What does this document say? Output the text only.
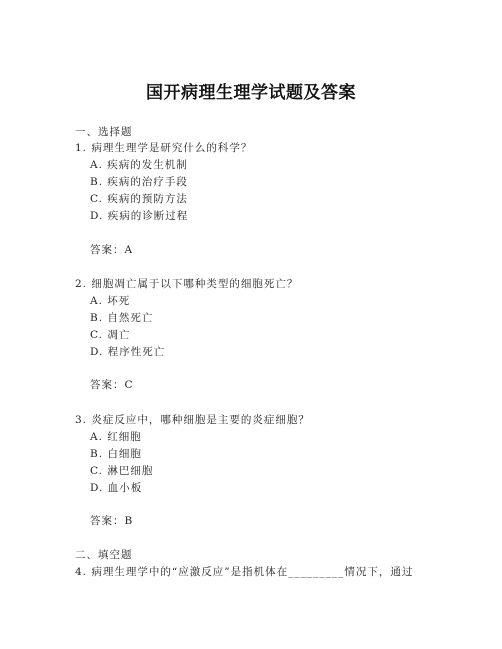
国开病理生理学试题及答案
一、选择题
1. 病理生理学是研究什么的科学？
A. 疾病的发生机制
B. 疾病的治疗手段
C. 疾病的预防方法
D. 疾病的诊断过程
答案：A
2. 细胞凋亡属于以下哪种类型的细胞死亡？
A. 坏死
B. 自然死亡
C. 凋亡
D. 程序性死亡
答案：C
3. 炎症反应中，哪种细胞是主要的炎症细胞？
A. 红细胞
B. 白细胞
C. 淋巴细胞
D. 血小板
答案：B
二、填空题
4. 病理生理学中的“应激反应”是指机体在_________情况下，通过
